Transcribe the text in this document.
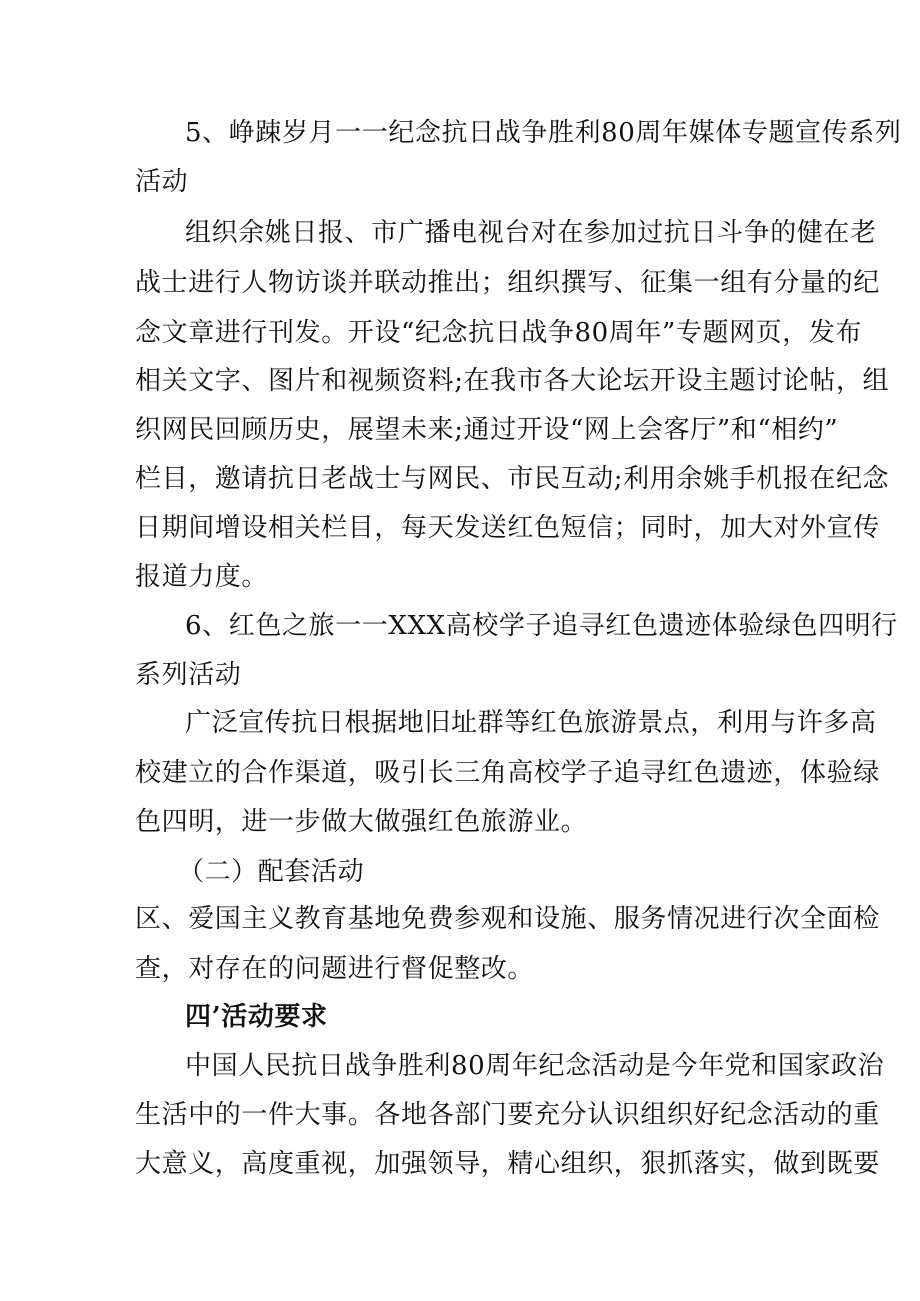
5、峥踈岁月一一纪念抗日战争胜利80周年媒体专题宣传系列
活动
组织余姚日报、市广播电视台对在参加过抗日斗争的健在老
战士进行人物访谈并联动推出；组织撰写、征集一组有分量的纪
念文章进行刊发。开设“纪念抗日战争80周年”专题网页，发布
相关文字、图片和视频资料;在我市各大论坛开设主题讨论帖，组
织网民回顾历史，展望未来;通过开设“网上会客厅”和“相约”
栏目，邀请抗日老战士与网民、市民互动;利用余姚手机报在纪念
日期间增设相关栏目，每天发送红色短信；同时，加大对外宣传
报道力度。
6、红色之旅一一XXX高校学子追寻红色遗迹体验绿色四明行
系列活动
广泛宣传抗日根据地旧址群等红色旅游景点，利用与许多高
校建立的合作渠道，吸引长三角高校学子追寻红色遗迹，体验绿
色四明，进一步做大做强红色旅游业。
（二）配套活动
区、爱国主义教育基地免费参观和设施、服务情况进行次全面检
查，对存在的问题进行督促整改。
四’活动要求
中国人民抗日战争胜利80周年纪念活动是今年党和国家政治
生活中的一件大事。各地各部门要充分认识组织好纪念活动的重
大意义，高度重视，加强领导，精心组织，狠抓落实，做到既要
